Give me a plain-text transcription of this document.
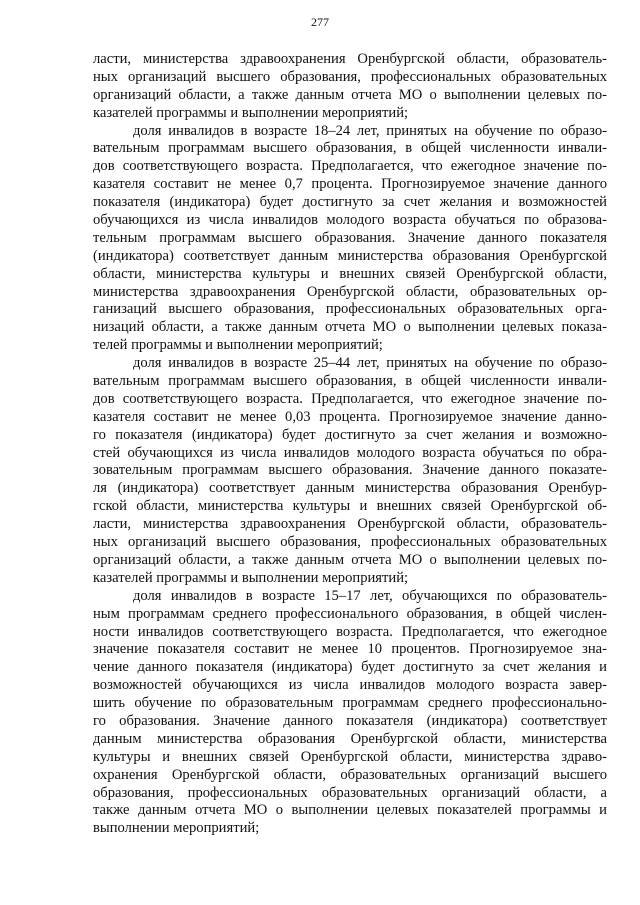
277
ласти, министерства здравоохранения Оренбургской области, образователь-
ных организаций высшего образования, профессиональных образовательных
организаций области, а также данным отчета МО о выполнении целевых по-
казателей программы и выполнении мероприятий;
доля инвалидов в возрасте 18–24 лет, принятых на обучение по образо-
вательным программам высшего образования, в общей численности инвали-
дов соответствующего возраста. Предполагается, что ежегодное значение по-
казателя составит не менее 0,7 процента. Прогнозируемое значение данного
показателя (индикатора) будет достигнуто за счет желания и возможностей
обучающихся из числа инвалидов молодого возраста обучаться по образова-
тельным программам высшего образования. Значение данного показателя
(индикатора) соответствует данным министерства образования Оренбургской
области, министерства культуры и внешних связей Оренбургской области,
министерства здравоохранения Оренбургской области, образовательных ор-
ганизаций высшего образования, профессиональных образовательных орга-
низаций области, а также данным отчета МО о выполнении целевых показа-
телей программы и выполнении мероприятий;
доля инвалидов в возрасте 25–44 лет, принятых на обучение по образо-
вательным программам высшего образования, в общей численности инвали-
дов соответствующего возраста. Предполагается, что ежегодное значение по-
казателя составит не менее 0,03 процента. Прогнозируемое значение данно-
го показателя (индикатора) будет достигнуто за счет желания и возможно-
стей обучающихся из числа инвалидов молодого возраста обучаться по обра-
зовательным программам высшего образования. Значение данного показате-
ля (индикатора) соответствует данным министерства образования Оренбур-
гской области, министерства культуры и внешних связей Оренбургской об-
ласти, министерства здравоохранения Оренбургской области, образователь-
ных организаций высшего образования, профессиональных образовательных
организаций области, а также данным отчета МО о выполнении целевых по-
казателей программы и выполнении мероприятий;
доля инвалидов в возрасте 15–17 лет, обучающихся по образователь-
ным программам среднего профессионального образования, в общей числен-
ности инвалидов соответствующего возраста. Предполагается, что ежегодное
значение показателя составит не менее 10 процентов. Прогнозируемое зна-
чение данного показателя (индикатора) будет достигнуто за счет желания и
возможностей обучающихся из числа инвалидов молодого возраста завер-
шить обучение по образовательным программам среднего профессионально-
го образования. Значение данного показателя (индикатора) соответствует
данным министерства образования Оренбургской области, министерства
культуры и внешних связей Оренбургской области, министерства здраво-
охранения Оренбургской области, образовательных организаций высшего
образования, профессиональных образовательных организаций области, а
также данным отчета МО о выполнении целевых показателей программы и
выполнении мероприятий;
